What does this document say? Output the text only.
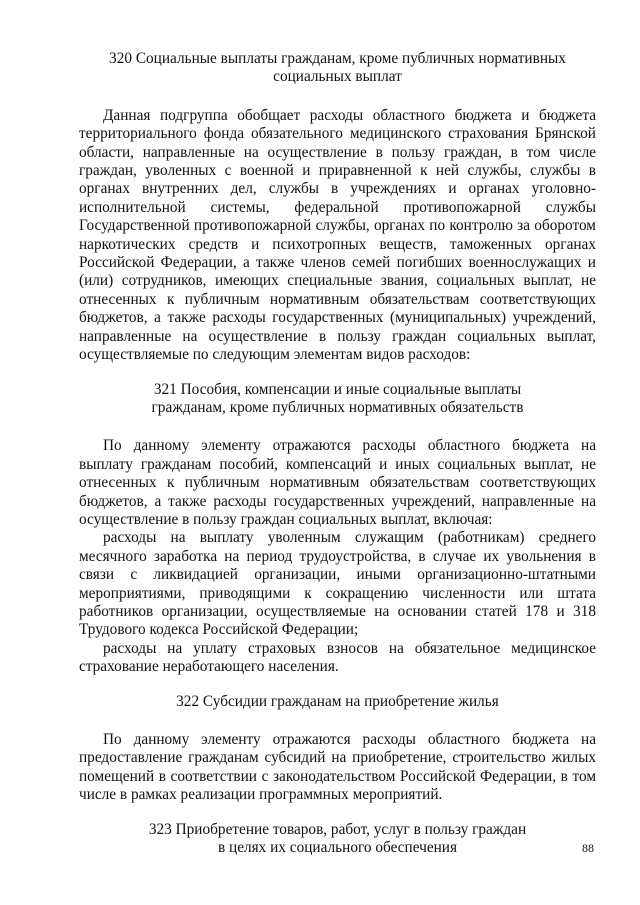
320 Социальные выплаты гражданам, кроме публичных нормативных
социальных выплат
Данная подгруппа обобщает расходы областного бюджета и бюджета территориального фонда обязательного медицинского страхования Брянской области, направленные на осуществление в пользу граждан, в том числе граждан, уволенных с военной и приравненной к ней службы, службы в органах внутренних дел, службы в учреждениях и органах уголовно-исполнительной системы, федеральной противопожарной службы Государственной противопожарной службы, органах по контролю за оборотом наркотических средств и психотропных веществ, таможенных органах Российской Федерации, а также членов семей погибших военнослужащих и (или) сотрудников, имеющих специальные звания, социальных выплат, не отнесенных к публичным нормативным обязательствам соответствующих бюджетов, а также расходы государственных (муниципальных) учреждений, направленные на осуществление в пользу граждан социальных выплат, осуществляемые по следующим элементам видов расходов:
321 Пособия, компенсации и иные социальные выплаты
гражданам, кроме публичных нормативных обязательств
По данному элементу отражаются расходы областного бюджета на выплату гражданам пособий, компенсаций и иных социальных выплат, не отнесенных к публичным нормативным обязательствам соответствующих бюджетов, а также расходы государственных учреждений, направленные на осуществление в пользу граждан социальных выплат, включая:
расходы на выплату уволенным служащим (работникам) среднего месячного заработка на период трудоустройства, в случае их увольнения в связи с ликвидацией организации, иными организационно-штатными мероприятиями, приводящими к сокращению численности или штата работников организации, осуществляемые на основании статей 178 и 318 Трудового кодекса Российской Федерации;
расходы на уплату страховых взносов на обязательное медицинское страхование неработающего населения.
322 Субсидии гражданам на приобретение жилья
По данному элементу отражаются расходы областного бюджета на предоставление гражданам субсидий на приобретение, строительство жилых помещений в соответствии с законодательством Российской Федерации, в том числе в рамках реализации программных мероприятий.
323 Приобретение товаров, работ, услуг в пользу граждан
в целях их социального обеспечения	88
